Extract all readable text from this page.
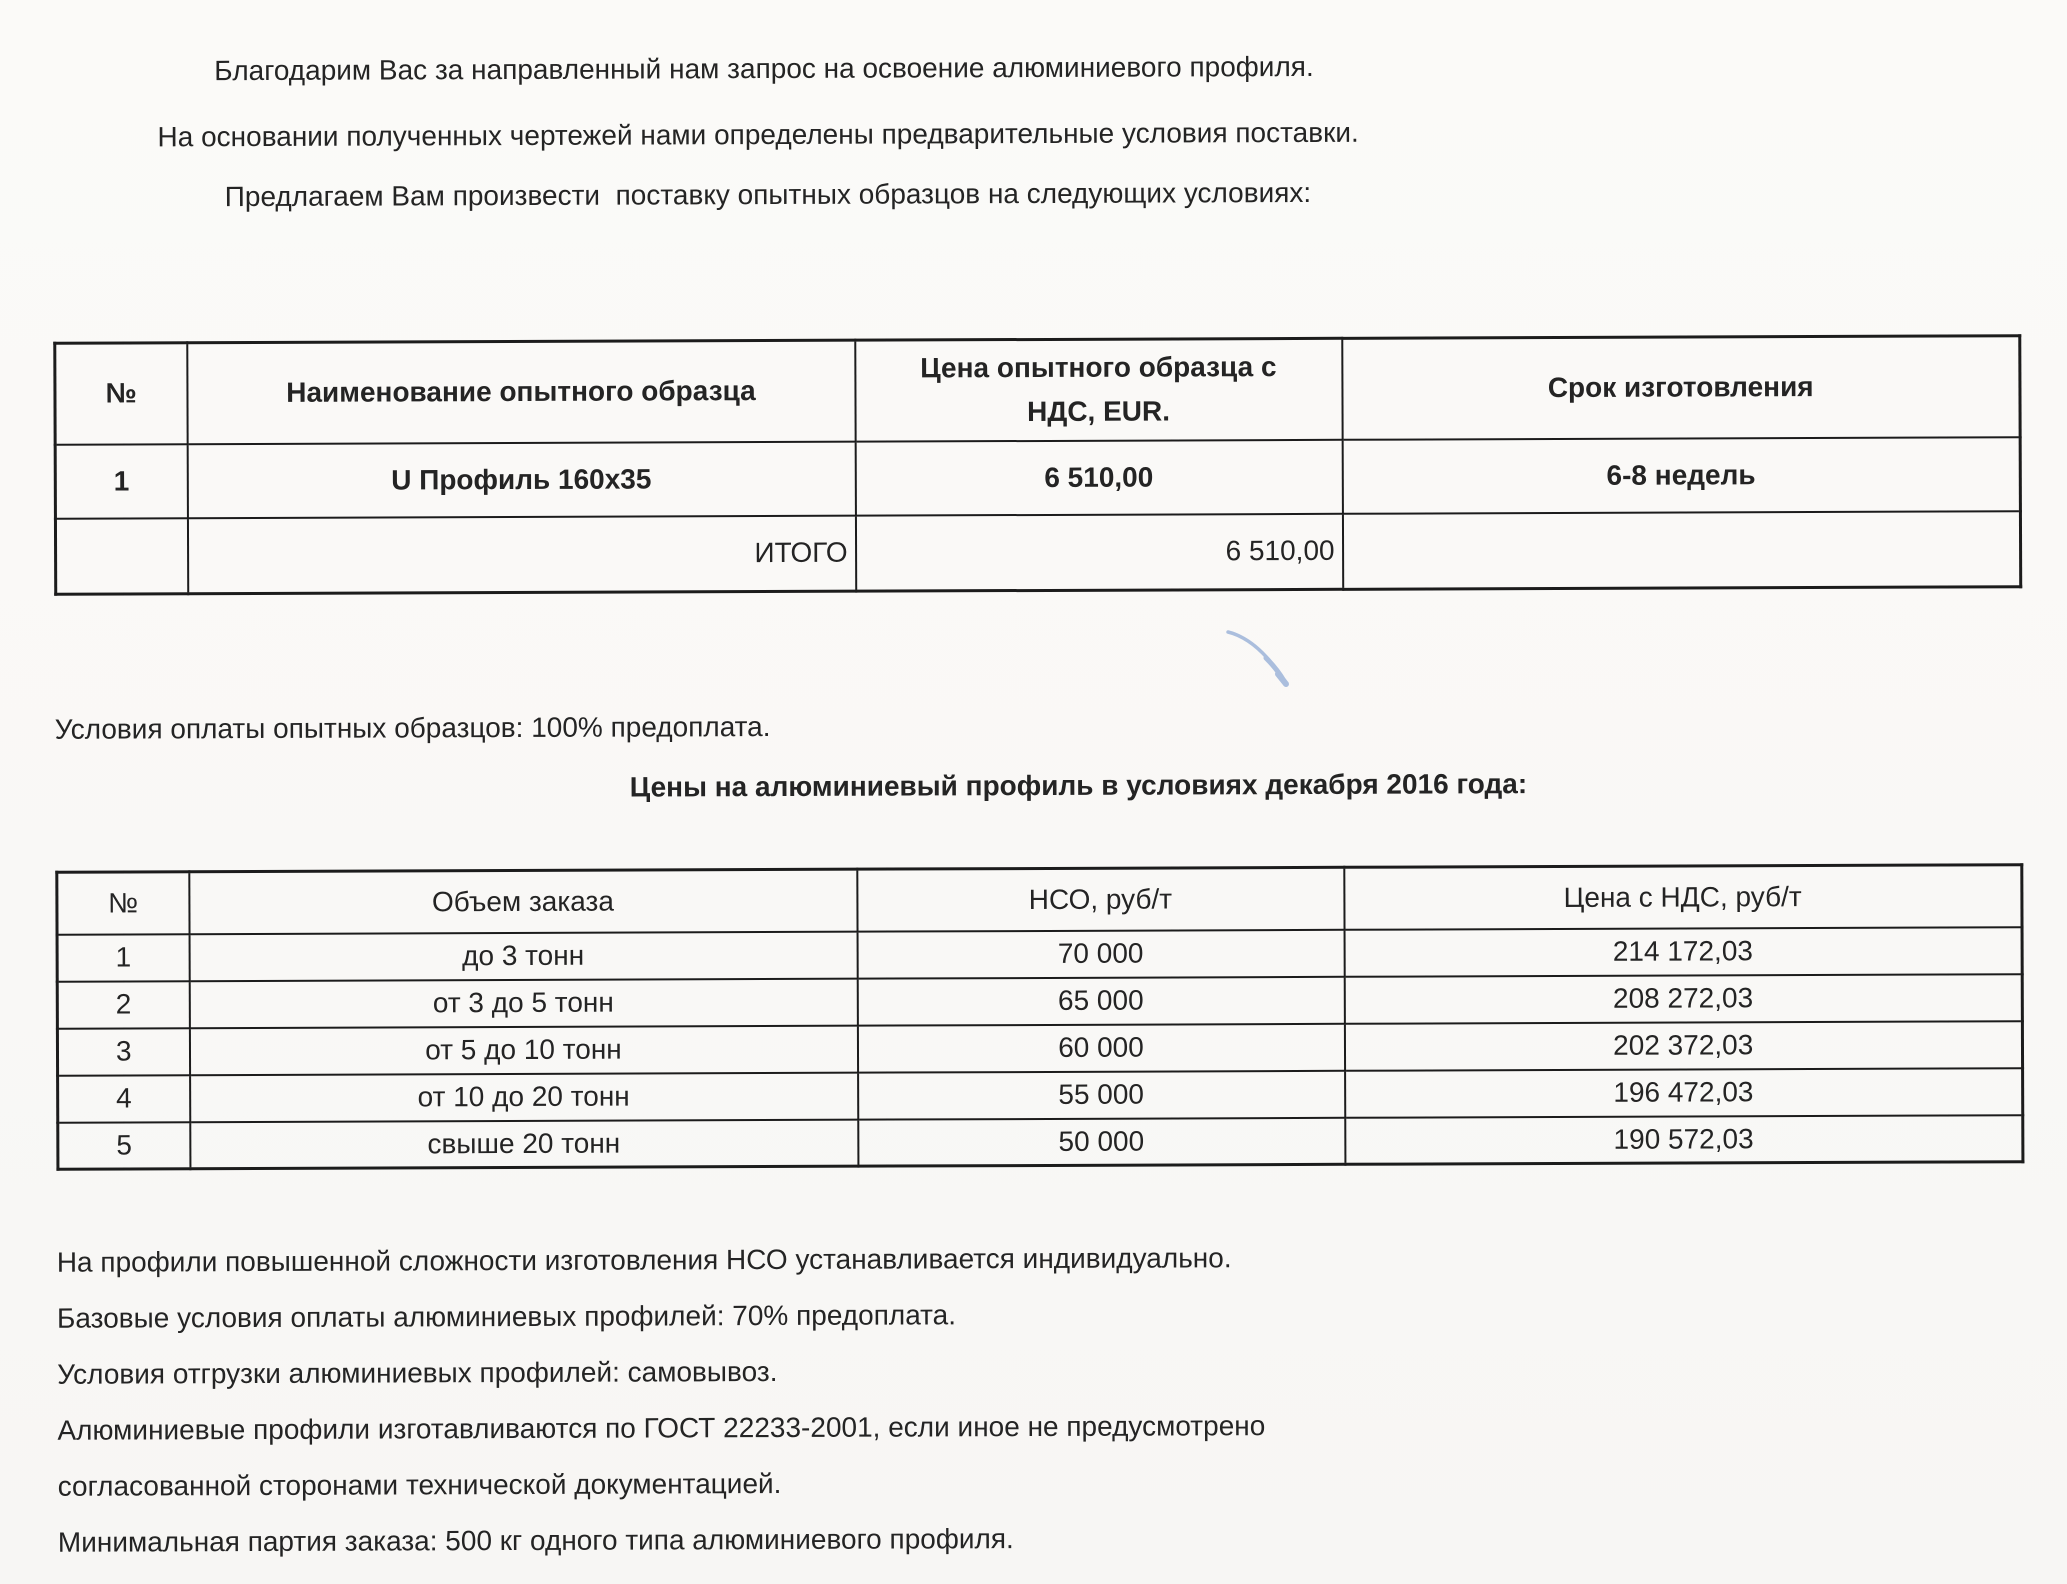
Благодарим Вас за направленный нам запрос на освоение алюминиевого профиля.

На основании полученных чертежей нами определены предварительные условия поставки.

Предлагаем Вам произвести  поставку опытных образцов на следующих условиях:

№	Наименование опытного образца	Цена опытного образца с НДС, EUR.	Срок изготовления
1	U Профиль 160x35	6 510,00	6-8 недель
	ИТОГО	6 510,00	

Условия оплаты опытных образцов: 100% предоплата.

Цены на алюминиевый профиль в условиях декабря 2016 года:

№	Объем заказа	НСО, руб/т	Цена с НДС, руб/т
1	до 3 тонн	70 000	214 172,03
2	от 3 до 5 тонн	65 000	208 272,03
3	от 5 до 10 тонн	60 000	202 372,03
4	от 10 до 20 тонн	55 000	196 472,03
5	свыше 20 тонн	50 000	190 572,03
На профили повышенной сложности изготовления НСО устанавливается индивидуально.
Базовые условия оплаты алюминиевых профилей: 70% предоплата.
Условия отгрузки алюминиевых профилей: самовывоз.
Алюминиевые профили изготавливаются по ГОСТ 22233-2001, если иное не предусмотрено
согласованной сторонами технической документацией.
Минимальная партия заказа: 500 кг одного типа алюминиевого профиля.
